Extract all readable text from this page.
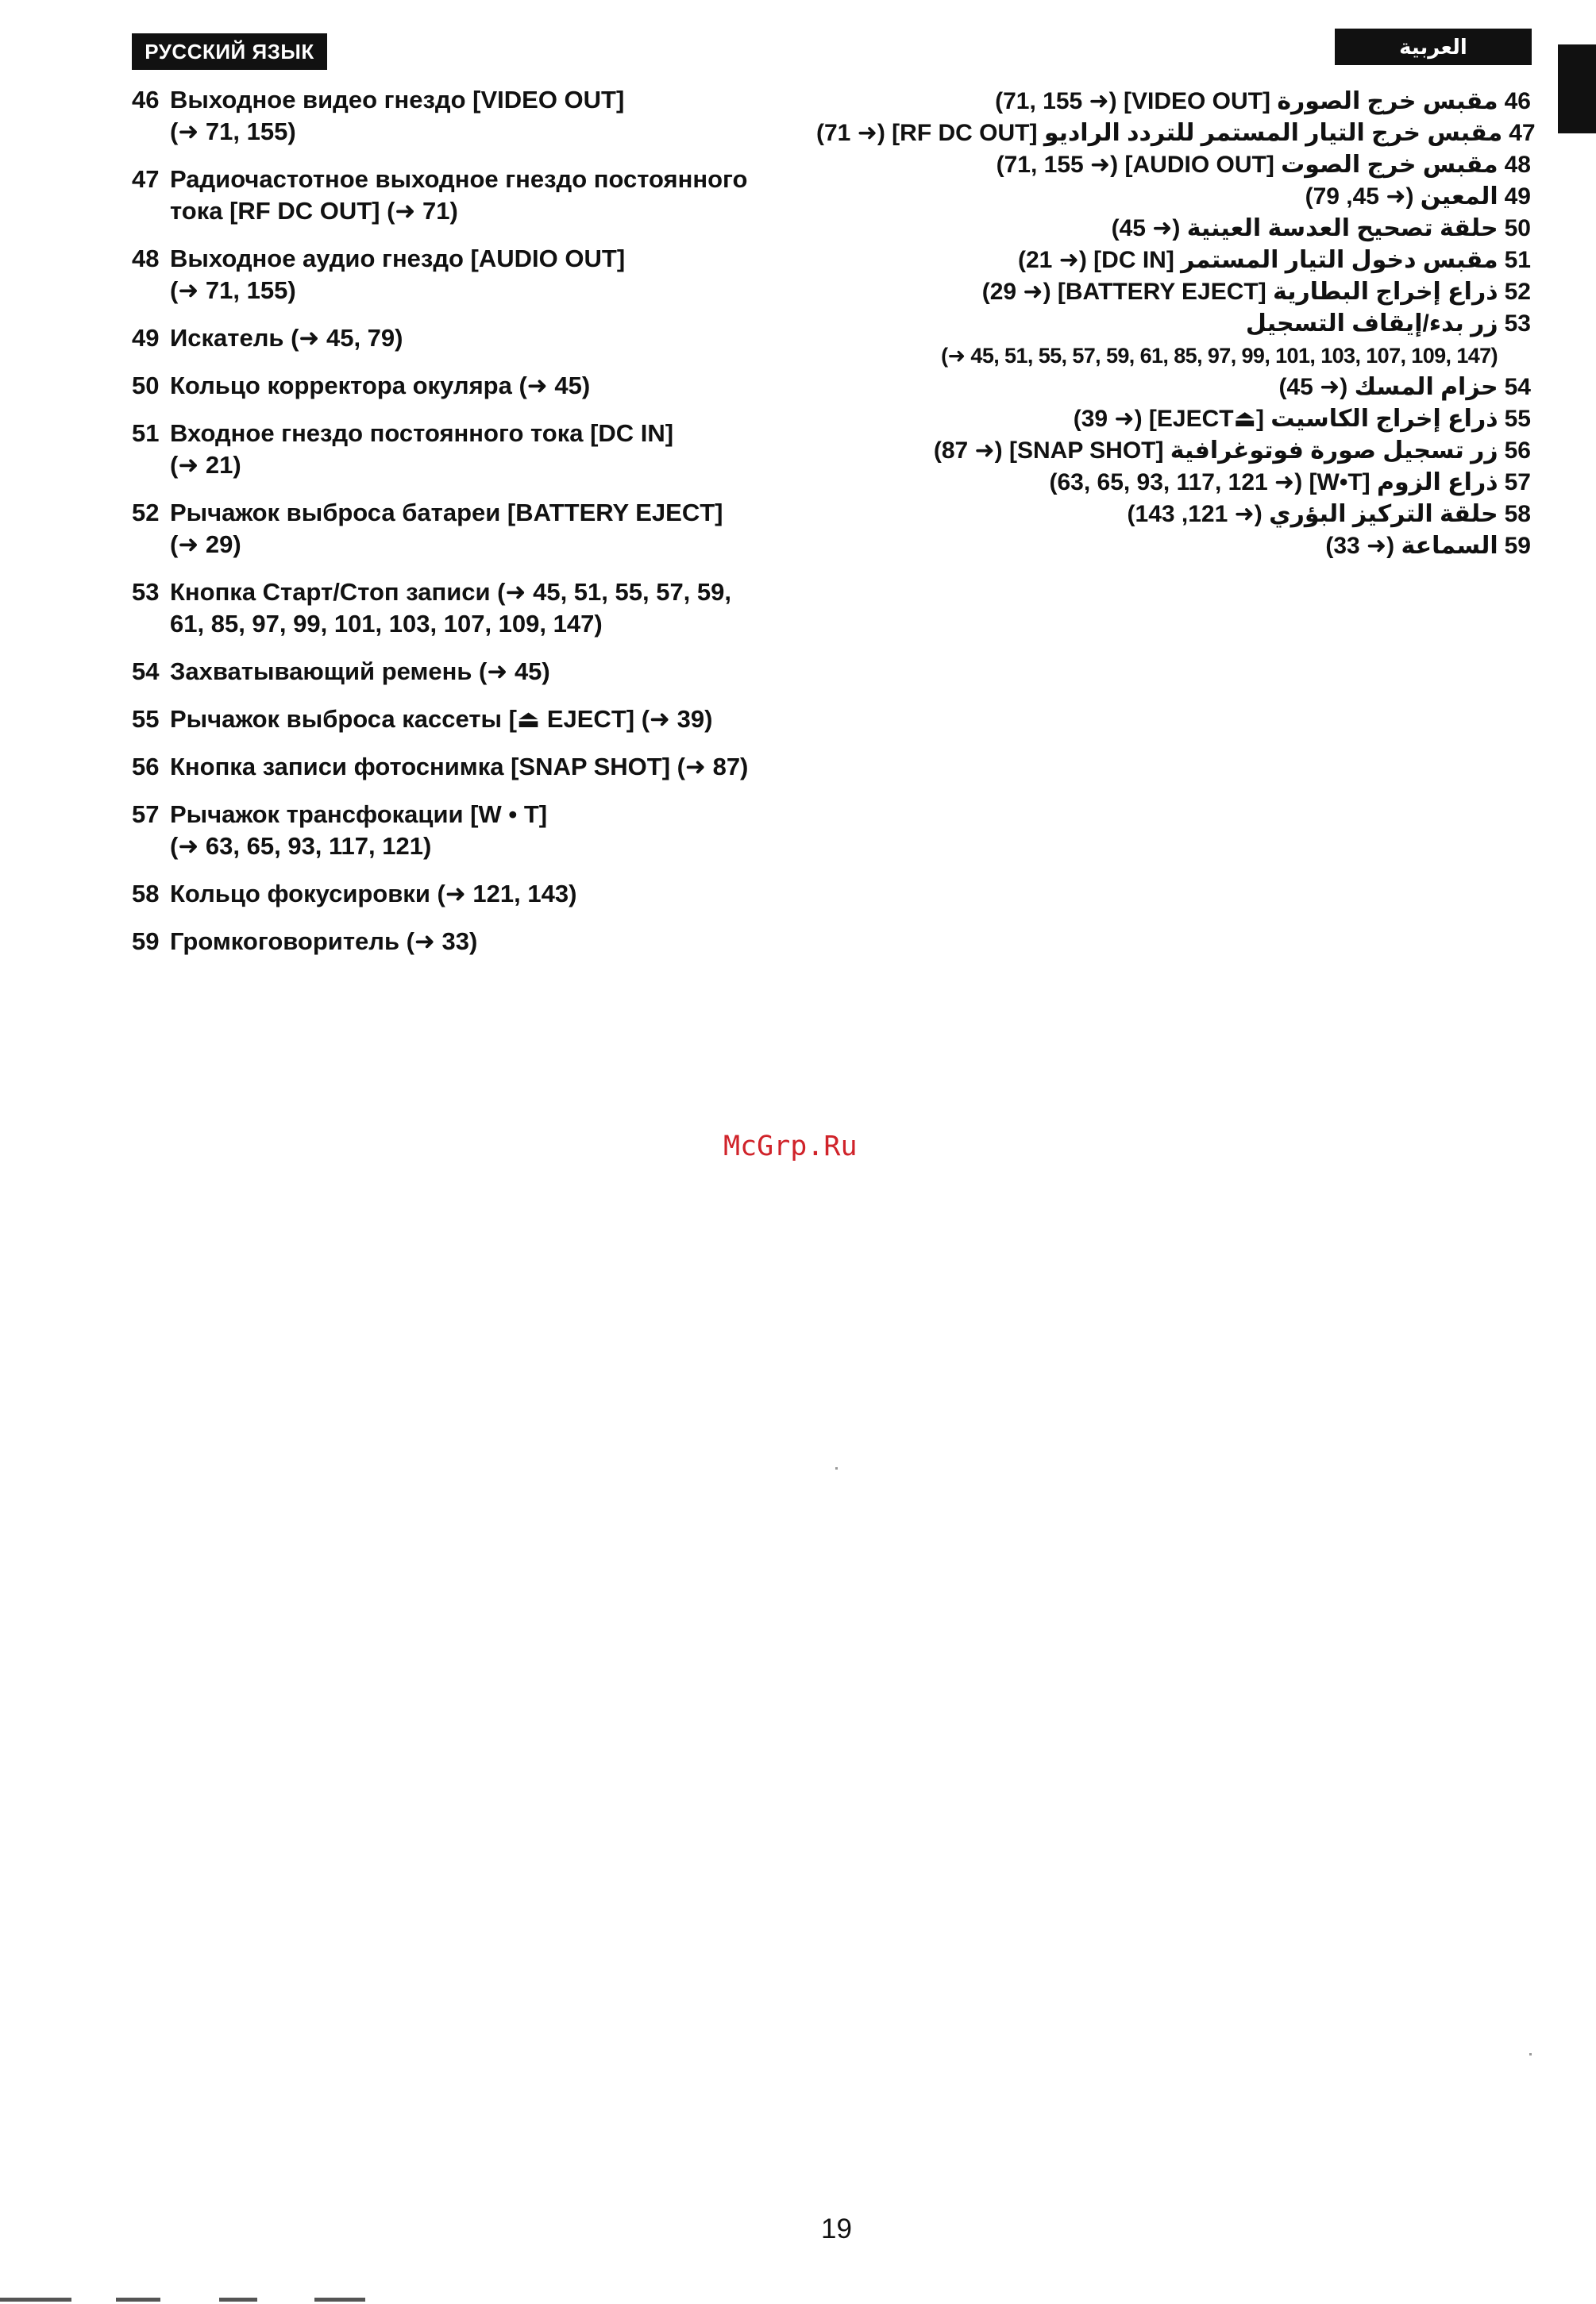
РУССКИЙ ЯЗЫК	العربية
46 Выходное видео гнездо [VIDEO OUT]
(➜ 71, 155)
47 Радиочастотное выходное гнездо постоянного
тока [RF DC OUT] (➜ 71)
48 Выходное аудио гнездо [AUDIO OUT]
(➜ 71, 155)
49 Искатель (➜ 45, 79)
50 Кольцо корректора окуляра (➜ 45)
51 Входное гнездо постоянного тока [DC IN]
(➜ 21)
52 Рычажок выброса батареи [BATTERY EJECT]
(➜ 29)
53 Кнопка Старт/Стоп записи (➜ 45, 51, 55, 57, 59,
61, 85, 97, 99, 101, 103, 107, 109, 147)
54 Захватывающий ремень (➜ 45)
55 Рычажок выброса кассеты [⏏ EJECT] (➜ 39)
56 Кнопка записи фотоснимка [SNAP SHOT] (➜ 87)
57 Рычажок трансфокации [W • T]
(➜ 63, 65, 93, 117, 121)
58 Кольцо фокусировки (➜ 121, 143)
59 Громкоговоритель (➜ 33)
مقبس خرج الصورة [VIDEO OUT] (➜ 71, 155) 46
مقبس خرج التيار المستمر للتردد الراديو [RF DC OUT] (➜ 71) 47
مقبس خرج الصوت [AUDIO OUT] (➜ 71, 155) 48
المعين (➜ 45, 79) 49
حلقة تصحيح العدسة العينية (➜ 45) 50
مقبس دخول التيار المستمر [DC IN] (➜ 21) 51
ذراع إخراج البطارية [BATTERY EJECT] (➜ 29) 52
زر بدء/إيقاف التسجيل 53
(➜ 45, 51, 55, 57, 59, 61, 85, 97, 99, 101, 103, 107, 109, 147)
حزام المسك (➜ 45) 54
ذراع إخراج الكاسيت [⏏EJECT] (➜ 39) 55
زر تسجيل صورة فوتوغرافية [SNAP SHOT] (➜ 87) 56
ذراع الزوم [W•T] (➜ 63, 65, 93, 117, 121) 57
حلقة التركيز البؤري (➜ 121, 143) 58
السماعة (➜ 33) 59
McGrp.Ru
19
